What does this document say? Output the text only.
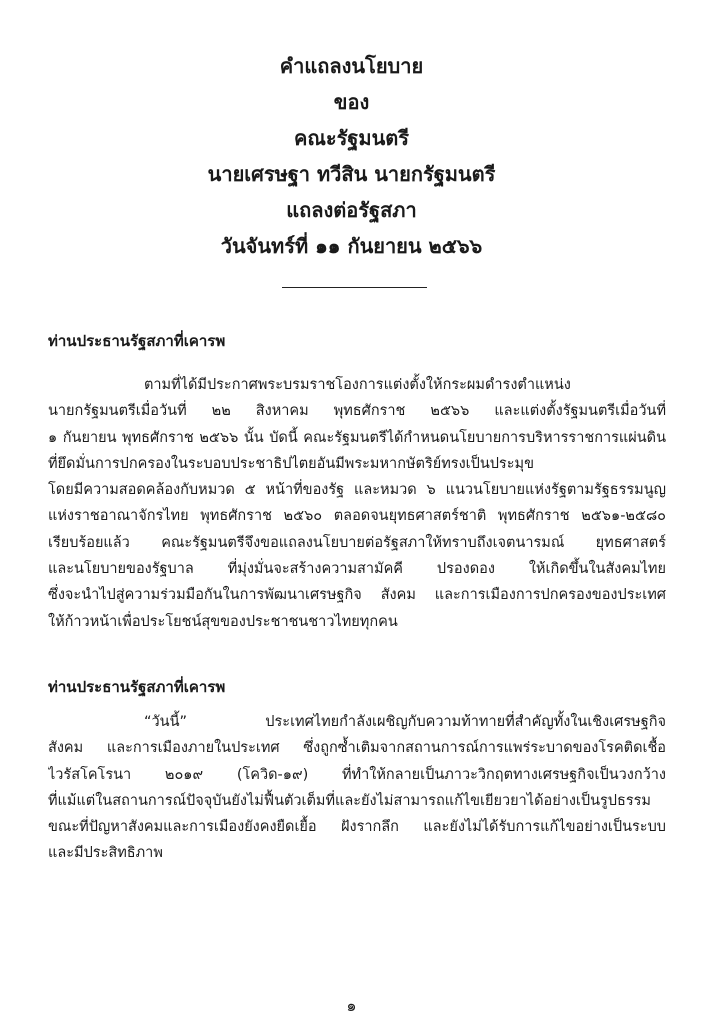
คำแถลงนโยบาย
ของ
คณะรัฐมนตรี
นายเศรษฐา ทวีสิน นายกรัฐมนตรี
แถลงต่อรัฐสภา
วันจันทร์ที่ ๑๑ กันยายน ๒๕๖๖
ท่านประธานรัฐสภาที่เคารพ
ตามที่ได้มีประกาศพระบรมราชโองการแต่งตั้งให้กระผมดำรงตำแหน่ง
นายกรัฐมนตรีเมื่อวันที่ ๒๒ สิงหาคม พุทธศักราช ๒๕๖๖ และแต่งตั้งรัฐมนตรีเมื่อวันที่
๑ กันยายน พุทธศักราช ๒๕๖๖ นั้น บัดนี้ คณะรัฐมนตรีได้กำหนดนโยบายการบริหารราชการแผ่นดิน
ที่ยึดมั่นการปกครองในระบอบประชาธิปไตยอันมีพระมหากษัตริย์ทรงเป็นประมุข
โดยมีความสอดคล้องกับหมวด ๕ หน้าที่ของรัฐ และหมวด ๖ แนวนโยบายแห่งรัฐตามรัฐธรรมนูญ
แห่งราชอาณาจักรไทย พุทธศักราช ๒๕๖๐ ตลอดจนยุทธศาสตร์ชาติ พุทธศักราช ๒๕๖๑-๒๕๘๐
เรียบร้อยแล้ว คณะรัฐมนตรีจึงขอแถลงนโยบายต่อรัฐสภาให้ทราบถึงเจตนารมณ์ ยุทธศาสตร์
และนโยบายของรัฐบาล ที่มุ่งมั่นจะสร้างความสามัคคี ปรองดอง ให้เกิดขึ้นในสังคมไทย
ซึ่งจะนำไปสู่ความร่วมมือกันในการพัฒนาเศรษฐกิจ สังคม และการเมืองการปกครองของประเทศ
ให้ก้าวหน้าเพื่อประโยชน์สุขของประชาชนชาวไทยทุกคน
ท่านประธานรัฐสภาที่เคารพ
“วันนี้” ประเทศไทยกำลังเผชิญกับความท้าทายที่สำคัญทั้งในเชิงเศรษฐกิจ
สังคม และการเมืองภายในประเทศ ซึ่งถูกซ้ำเติมจากสถานการณ์การแพร่ระบาดของโรคติดเชื้อ
ไวรัสโคโรนา ๒๐๑๙ (โควิด-๑๙) ที่ทำให้กลายเป็นภาวะวิกฤตทางเศรษฐกิจเป็นวงกว้าง
ที่แม้แต่ในสถานการณ์ปัจจุบันยังไม่ฟื้นตัวเต็มที่และยังไม่สามารถแก้ไขเยียวยาได้อย่างเป็นรูปธรรม
ขณะที่ปัญหาสังคมและการเมืองยังคงยืดเยื้อ ฝังรากลึก และยังไม่ได้รับการแก้ไขอย่างเป็นระบบ
และมีประสิทธิภาพ
๑
